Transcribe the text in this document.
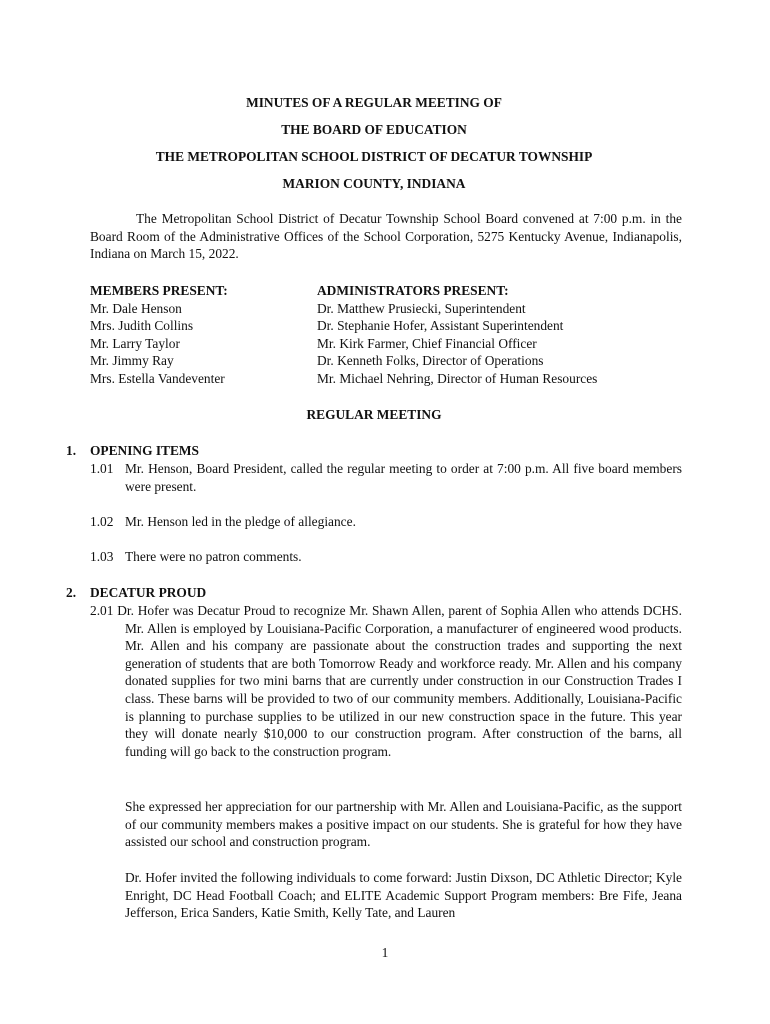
MINUTES OF A REGULAR MEETING OF
THE BOARD OF EDUCATION
THE METROPOLITAN SCHOOL DISTRICT OF DECATUR TOWNSHIP
MARION COUNTY, INDIANA
The Metropolitan School District of Decatur Township School Board convened at 7:00 p.m. in the Board Room of the Administrative Offices of the School Corporation, 5275 Kentucky Avenue, Indianapolis, Indiana on March 15, 2022.
MEMBERS PRESENT:
Mr. Dale Henson
Mrs. Judith Collins
Mr. Larry Taylor
Mr. Jimmy Ray
Mrs. Estella Vandeventer
ADMINISTRATORS PRESENT:
Dr. Matthew Prusiecki, Superintendent
Dr. Stephanie Hofer, Assistant Superintendent
Mr. Kirk Farmer, Chief Financial Officer
Dr. Kenneth Folks, Director of Operations
Mr. Michael Nehring, Director of Human Resources
REGULAR MEETING
1. OPENING ITEMS
1.01 Mr. Henson, Board President, called the regular meeting to order at 7:00 p.m. All five board members were present.
1.02 Mr. Henson led in the pledge of allegiance.
1.03 There were no patron comments.
2. DECATUR PROUD
2.01 Dr. Hofer was Decatur Proud to recognize Mr. Shawn Allen, parent of Sophia Allen who attends DCHS. Mr. Allen is employed by Louisiana-Pacific Corporation, a manufacturer of engineered wood products. Mr. Allen and his company are passionate about the construction trades and supporting the next generation of students that are both Tomorrow Ready and workforce ready. Mr. Allen and his company donated supplies for two mini barns that are currently under construction in our Construction Trades I class. These barns will be provided to two of our community members. Additionally, Louisiana-Pacific is planning to purchase supplies to be utilized in our new construction space in the future. This year they will donate nearly $10,000 to our construction program. After construction of the barns, all funding will go back to the construction program.
She expressed her appreciation for our partnership with Mr. Allen and Louisiana-Pacific, as the support of our community members makes a positive impact on our students. She is grateful for how they have assisted our school and construction program.
Dr. Hofer invited the following individuals to come forward: Justin Dixson, DC Athletic Director; Kyle Enright, DC Head Football Coach; and ELITE Academic Support Program members: Bre Fife, Jeana Jefferson, Erica Sanders, Katie Smith, Kelly Tate, and Lauren
1
